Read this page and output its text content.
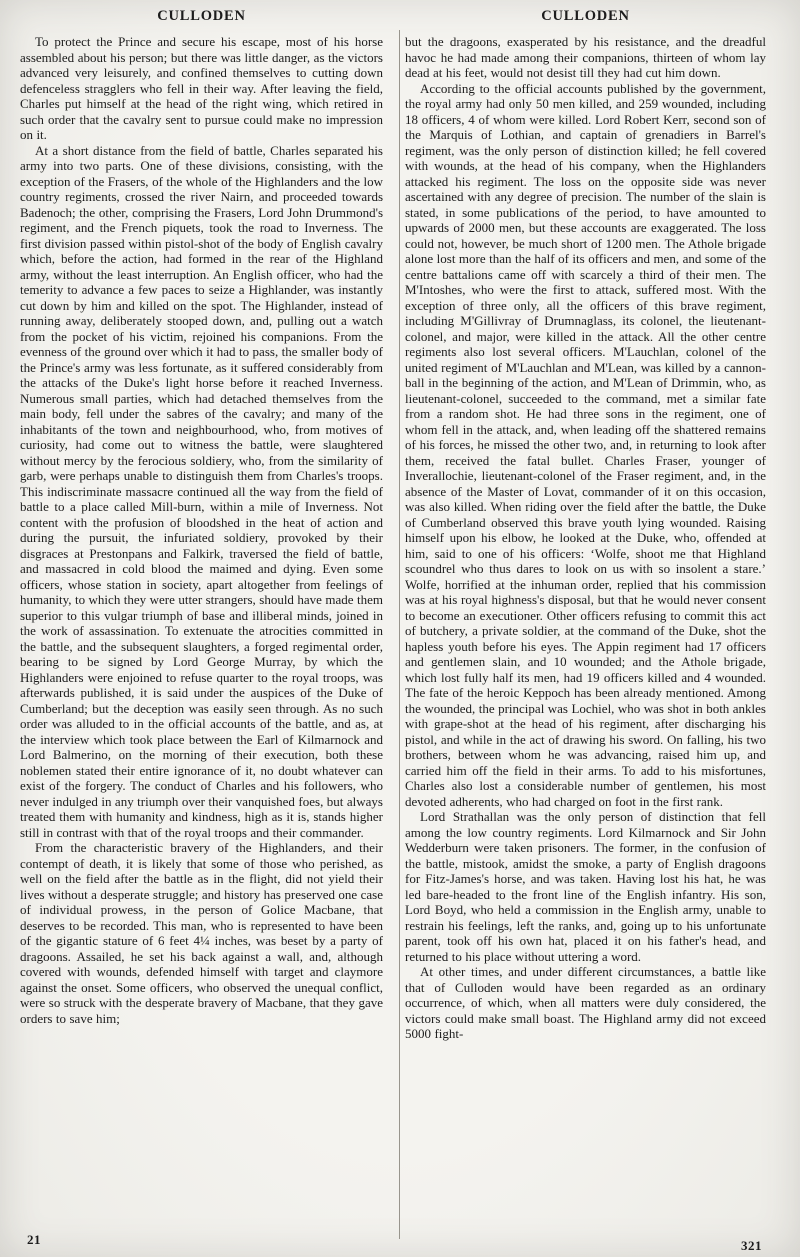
CULLODEN

To protect the Prince and secure his escape, most of his horse assembled about his person; but there was little danger, as the victors advanced very leisurely, and confined themselves to cutting down defenceless stragglers who fell in their way. After leaving the field, Charles put himself at the head of the right wing, which retired in such order that the cavalry sent to pursue could make no impression on it.

At a short distance from the field of battle, Charles separated his army into two parts. One of these divisions, consisting, with the exception of the Frasers, of the whole of the Highlanders and the low country regiments, crossed the river Nairn, and proceeded towards Badenoch; the other, comprising the Frasers, Lord John Drummond's regiment, and the French piquets, took the road to Inverness. The first division passed within pistol-shot of the body of English cavalry which, before the action, had formed in the rear of the Highland army, without the least interruption. An English officer, who had the temerity to advance a few paces to seize a Highlander, was instantly cut down by him and killed on the spot. The Highlander, instead of running away, deliberately stooped down, and, pulling out a watch from the pocket of his victim, rejoined his companions. From the evenness of the ground over which it had to pass, the smaller body of the Prince's army was less fortunate, as it suffered considerably from the attacks of the Duke's light horse before it reached Inverness. Numerous small parties, which had detached themselves from the main body, fell under the sabres of the cavalry; and many of the inhabitants of the town and neighbourhood, who, from motives of curiosity, had come out to witness the battle, were slaughtered without mercy by the ferocious soldiery, who, from the similarity of garb, were perhaps unable to distinguish them from Charles's troops. This indiscriminate massacre continued all the way from the field of battle to a place called Mill-burn, within a mile of Inverness. Not content with the profusion of bloodshed in the heat of action and during the pursuit, the infuriated soldiery, provoked by their disgraces at Prestonpans and Falkirk, traversed the field of battle, and massacred in cold blood the maimed and dying. Even some officers, whose station in society, apart altogether from feelings of humanity, to which they were utter strangers, should have made them superior to this vulgar triumph of base and illiberal minds, joined in the work of assassination. To extenuate the atrocities committed in the battle, and the subsequent slaughters, a forged regimental order, bearing to be signed by Lord George Murray, by which the Highlanders were enjoined to refuse quarter to the royal troops, was afterwards published, it is said under the auspices of the Duke of Cumberland; but the deception was easily seen through. As no such order was alluded to in the official accounts of the battle, and as, at the interview which took place between the Earl of Kilmarnock and Lord Balmerino, on the morning of their execution, both these noblemen stated their entire ignorance of it, no doubt whatever can exist of the forgery. The conduct of Charles and his followers, who never indulged in any triumph over their vanquished foes, but always treated them with humanity and kindness, high as it is, stands higher still in contrast with that of the royal troops and their commander.

From the characteristic bravery of the Highlanders, and their contempt of death, it is likely that some of those who perished, as well on the field after the battle as in the flight, did not yield their lives without a desperate struggle; and history has preserved one case of individual prowess, in the person of Golice Macbane, that deserves to be recorded. This man, who is represented to have been of the gigantic stature of 6 feet 4¼ inches, was beset by a party of dragoons. Assailed, he set his back against a wall, and, although covered with wounds, defended himself with target and claymore against the onset. Some officers, who observed the unequal conflict, were so struck with the desperate bravery of Macbane, that they gave orders to save him;

CULLODEN

but the dragoons, exasperated by his resistance, and the dreadful havoc he had made among their companions, thirteen of whom lay dead at his feet, would not desist till they had cut him down.

According to the official accounts published by the government, the royal army had only 50 men killed, and 259 wounded, including 18 officers, 4 of whom were killed. Lord Robert Kerr, second son of the Marquis of Lothian, and captain of grenadiers in Barrel's regiment, was the only person of distinction killed; he fell covered with wounds, at the head of his company, when the Highlanders attacked his regiment. The loss on the opposite side was never ascertained with any degree of precision. The number of the slain is stated, in some publications of the period, to have amounted to upwards of 2000 men, but these accounts are exaggerated. The loss could not, however, be much short of 1200 men. The Athole brigade alone lost more than the half of its officers and men, and some of the centre battalions came off with scarcely a third of their men. The M'Intoshes, who were the first to attack, suffered most. With the exception of three only, all the officers of this brave regiment, including M'Gillivray of Drumnaglass, its colonel, the lieutenant-colonel, and major, were killed in the attack. All the other centre regiments also lost several officers. M'Lauchlan, colonel of the united regiment of M'Lauchlan and M'Lean, was killed by a cannon-ball in the beginning of the action, and M'Lean of Drimmin, who, as lieutenant-colonel, succeeded to the command, met a similar fate from a random shot. He had three sons in the regiment, one of whom fell in the attack, and, when leading off the shattered remains of his forces, he missed the other two, and, in returning to look after them, received the fatal bullet. Charles Fraser, younger of Inverallochie, lieutenant-colonel of the Fraser regiment, and, in the absence of the Master of Lovat, commander of it on this occasion, was also killed. When riding over the field after the battle, the Duke of Cumberland observed this brave youth lying wounded. Raising himself upon his elbow, he looked at the Duke, who, offended at him, said to one of his officers: ‘Wolfe, shoot me that Highland scoundrel who thus dares to look on us with so insolent a stare.’ Wolfe, horrified at the inhuman order, replied that his commission was at his royal highness's disposal, but that he would never consent to become an executioner. Other officers refusing to commit this act of butchery, a private soldier, at the command of the Duke, shot the hapless youth before his eyes. The Appin regiment had 17 officers and gentlemen slain, and 10 wounded; and the Athole brigade, which lost fully half its men, had 19 officers killed and 4 wounded. The fate of the heroic Keppoch has been already mentioned. Among the wounded, the principal was Lochiel, who was shot in both ankles with grape-shot at the head of his regiment, after discharging his pistol, and while in the act of drawing his sword. On falling, his two brothers, between whom he was advancing, raised him up, and carried him off the field in their arms. To add to his misfortunes, Charles also lost a considerable number of gentlemen, his most devoted adherents, who had charged on foot in the first rank.

Lord Strathallan was the only person of distinction that fell among the low country regiments. Lord Kilmarnock and Sir John Wedderburn were taken prisoners. The former, in the confusion of the battle, mistook, amidst the smoke, a party of English dragoons for Fitz-James's horse, and was taken. Having lost his hat, he was led bare-headed to the front line of the English infantry. His son, Lord Boyd, who held a commission in the English army, unable to restrain his feelings, left the ranks, and, going up to his unfortunate parent, took off his own hat, placed it on his father's head, and returned to his place without uttering a word.

At other times, and under different circumstances, a battle like that of Culloden would have been regarded as an ordinary occurrence, of which, when all matters were duly considered, the victors could make small boast. The Highland army did not exceed 5000 fight-

21	321
